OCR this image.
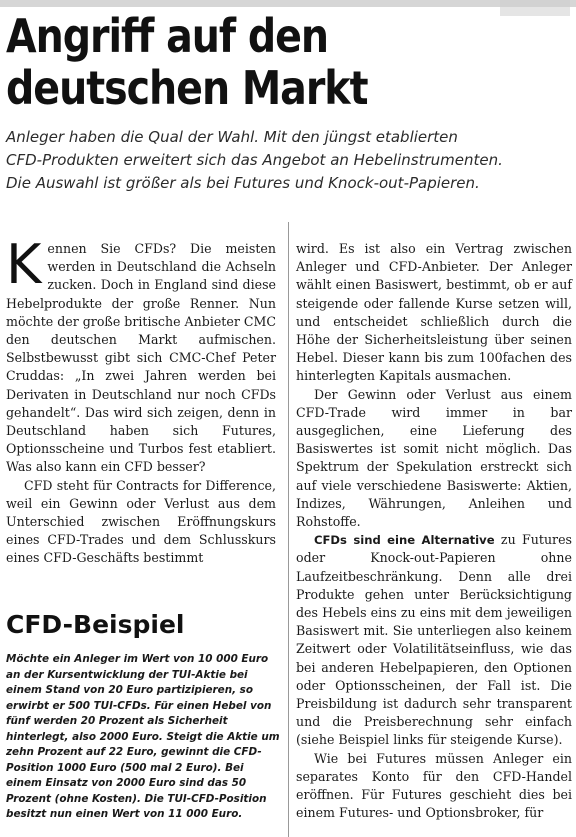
Angriff auf den
deutschen Markt
Anleger haben die Qual der Wahl. Mit den jüngst etablierten
CFD-Produkten erweitert sich das Angebot an Hebelinstrumenten.
Die Auswahl ist größer als bei Futures und Knock-out-Papieren.

Kennen Sie CFDs? Die meisten werden in Deutschland die Achseln zucken. Doch in England sind diese Hebelprodukte der große Renner. Nun möchte der große britische Anbieter CMC den deutschen Markt aufmischen. Selbstbewusst gibt sich CMC-Chef Peter Cruddas: „In zwei Jahren werden bei Derivaten in Deutschland nur noch CFDs gehandelt“. Das wird sich zeigen, denn in Deutschland haben sich Futures, Optionsscheine und Turbos fest etabliert. Was also kann ein CFD besser?

CFD steht für Contracts for Difference, weil ein Gewinn oder Verlust aus dem Unterschied zwischen Eröffnungskurs eines CFD-Trades und dem Schlusskurs eines CFD-Geschäfts bestimmt

CFD-Beispiel
Möchte ein Anleger im Wert von 10 000 Euro an der Kursentwicklung der TUI-Aktie bei einem Stand von 20 Euro partizipieren, so erwirbt er 500 TUI-CFDs. Für einen Hebel von fünf werden 20 Prozent als Sicherheit hinterlegt, also 2000 Euro. Steigt die Aktie um zehn Prozent auf 22 Euro, gewinnt die CFD-Position 1000 Euro (500 mal 2 Euro). Bei einem Einsatz von 2000 Euro sind das 50 Prozent (ohne Kosten). Die TUI-CFD-Position besitzt nun einen Wert von 11 000 Euro.

wird. Es ist also ein Vertrag zwischen Anleger und CFD-Anbieter. Der Anleger wählt einen Basiswert, bestimmt, ob er auf steigende oder fallende Kurse setzen will, und entscheidet schließlich durch die Höhe der Sicherheitsleistung über seinen Hebel. Dieser kann bis zum 100fachen des hinterlegten Kapitals ausmachen.

Der Gewinn oder Verlust aus einem CFD-Trade wird immer in bar ausgeglichen, eine Lieferung des Basiswertes ist somit nicht möglich. Das Spektrum der Spekulation erstreckt sich auf viele verschiedene Basiswerte: Aktien, Indizes, Währungen, Anleihen und Rohstoffe.

CFDs sind eine Alternative zu Futures oder Knock-out-Papieren ohne Laufzeitbeschränkung. Denn alle drei Produkte gehen unter Berücksichtigung des Hebels eins zu eins mit dem jeweiligen Basiswert mit. Sie unterliegen also keinem Zeitwert oder Volatilitätseinfluss, wie das bei anderen Hebelpapieren, den Optionen oder Optionsscheinen, der Fall ist. Die Preisbildung ist dadurch sehr transparent und die Preisberechnung sehr einfach (siehe Beispiel links für steigende Kurse).

Wie bei Futures müssen Anleger ein separates Konto für den CFD-Handel eröffnen. Für Futures geschieht dies bei einem Futures- und Optionsbroker, für
